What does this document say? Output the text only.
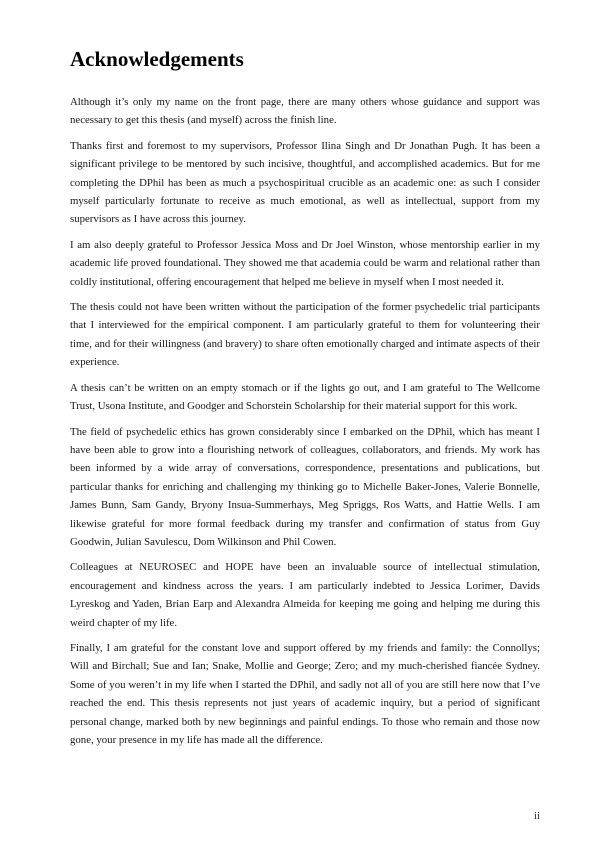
Acknowledgements

Although it’s only my name on the front page, there are many others whose guidance and support was necessary to get this thesis (and myself) across the finish line.

Thanks first and foremost to my supervisors, Professor Ilina Singh and Dr Jonathan Pugh. It has been a significant privilege to be mentored by such incisive, thoughtful, and accomplished academics. But for me completing the DPhil has been as much a psychospiritual crucible as an academic one: as such I consider myself particularly fortunate to receive as much emotional, as well as intellectual, support from my supervisors as I have across this journey.

I am also deeply grateful to Professor Jessica Moss and Dr Joel Winston, whose mentorship earlier in my academic life proved foundational. They showed me that academia could be warm and relational rather than coldly institutional, offering encouragement that helped me believe in myself when I most needed it.

The thesis could not have been written without the participation of the former psychedelic trial participants that I interviewed for the empirical component. I am particularly grateful to them for volunteering their time, and for their willingness (and bravery) to share often emotionally charged and intimate aspects of their experience.

A thesis can’t be written on an empty stomach or if the lights go out, and I am grateful to The Wellcome Trust, Usona Institute, and Goodger and Schorstein Scholarship for their material support for this work.

The field of psychedelic ethics has grown considerably since I embarked on the DPhil, which has meant I have been able to grow into a flourishing network of colleagues, collaborators, and friends. My work has been informed by a wide array of conversations, correspondence, presentations and publications, but particular thanks for enriching and challenging my thinking go to Michelle Baker-Jones, Valerie Bonnelle, James Bunn, Sam Gandy, Bryony Insua-Summerhays, Meg Spriggs, Ros Watts, and Hattie Wells. I am likewise grateful for more formal feedback during my transfer and confirmation of status from Guy Goodwin, Julian Savulescu, Dom Wilkinson and Phil Cowen.

Colleagues at NEUROSEC and HOPE have been an invaluable source of intellectual stimulation, encouragement and kindness across the years. I am particularly indebted to Jessica Lorimer, Davids Lyreskog and Yaden, Brian Earp and Alexandra Almeida for keeping me going and helping me during this weird chapter of my life.

Finally, I am grateful for the constant love and support offered by my friends and family: the Connollys; Will and Birchall; Sue and Ian; Snake, Mollie and George; Zero; and my much-cherished fiancée Sydney. Some of you weren’t in my life when I started the DPhil, and sadly not all of you are still here now that I’ve reached the end. This thesis represents not just years of academic inquiry, but a period of significant personal change, marked both by new beginnings and painful endings. To those who remain and those now gone, your presence in my life has made all the difference.

ii
